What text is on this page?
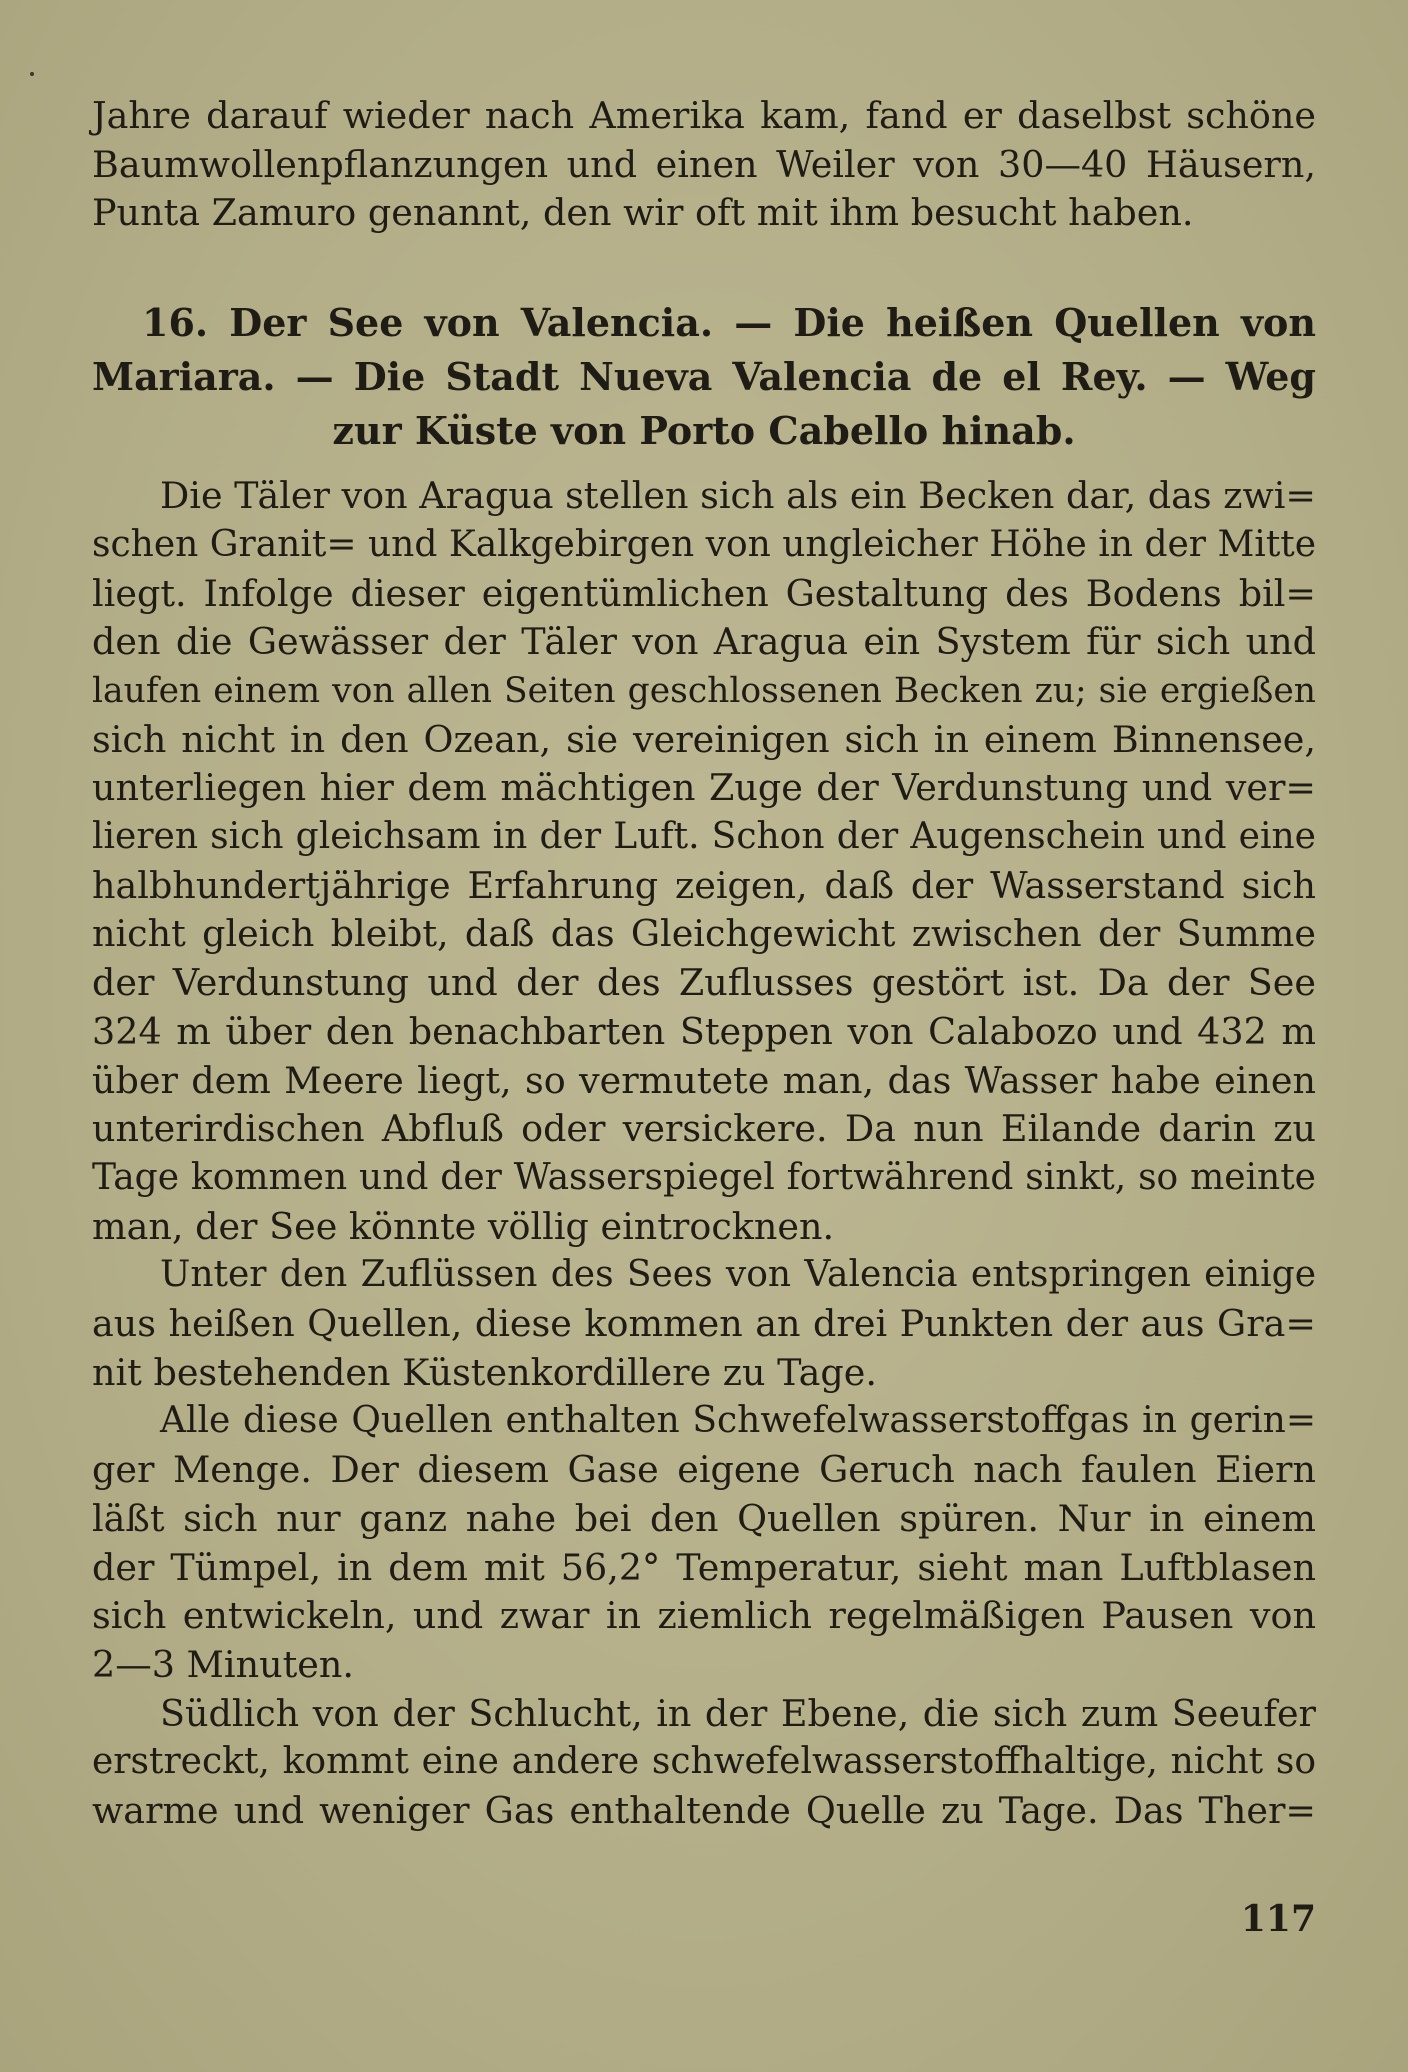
Jahre darauf wieder nach Amerika kam, fand er daselbst schöne
Baumwollenpflanzungen und einen Weiler von 30—40 Häusern,
Punta Zamuro genannt, den wir oft mit ihm besucht haben.

16. Der See von Valencia. — Die heißen Quellen von
Mariara. — Die Stadt Nueva Valencia de el Rey. — Weg
zur Küste von Porto Cabello hinab.

Die Täler von Aragua stellen sich als ein Becken dar, das zwi=
schen Granit= und Kalkgebirgen von ungleicher Höhe in der Mitte
liegt. Infolge dieser eigentümlichen Gestaltung des Bodens bil=
den die Gewässer der Täler von Aragua ein System für sich und
laufen einem von allen Seiten geschlossenen Becken zu; sie ergießen
sich nicht in den Ozean, sie vereinigen sich in einem Binnensee,
unterliegen hier dem mächtigen Zuge der Verdunstung und ver=
lieren sich gleichsam in der Luft. Schon der Augenschein und eine
halbhundertjährige Erfahrung zeigen, daß der Wasserstand sich
nicht gleich bleibt, daß das Gleichgewicht zwischen der Summe
der Verdunstung und der des Zuflusses gestört ist. Da der See
324 m über den benachbarten Steppen von Calabozo und 432 m
über dem Meere liegt, so vermutete man, das Wasser habe einen
unterirdischen Abfluß oder versickere. Da nun Eilande darin zu
Tage kommen und der Wasserspiegel fortwährend sinkt, so meinte
man, der See könnte völlig eintrocknen.

Unter den Zuflüssen des Sees von Valencia entspringen einige
aus heißen Quellen, diese kommen an drei Punkten der aus Gra=
nit bestehenden Küstenkordillere zu Tage.

Alle diese Quellen enthalten Schwefelwasserstoffgas in gerin=
ger Menge. Der diesem Gase eigene Geruch nach faulen Eiern
läßt sich nur ganz nahe bei den Quellen spüren. Nur in einem
der Tümpel, in dem mit 56,2° Temperatur, sieht man Luftblasen
sich entwickeln, und zwar in ziemlich regelmäßigen Pausen von
2—3 Minuten.

Südlich von der Schlucht, in der Ebene, die sich zum Seeufer
erstreckt, kommt eine andere schwefelwasserstoffhaltige, nicht so
warme und weniger Gas enthaltende Quelle zu Tage. Das Ther=

117
